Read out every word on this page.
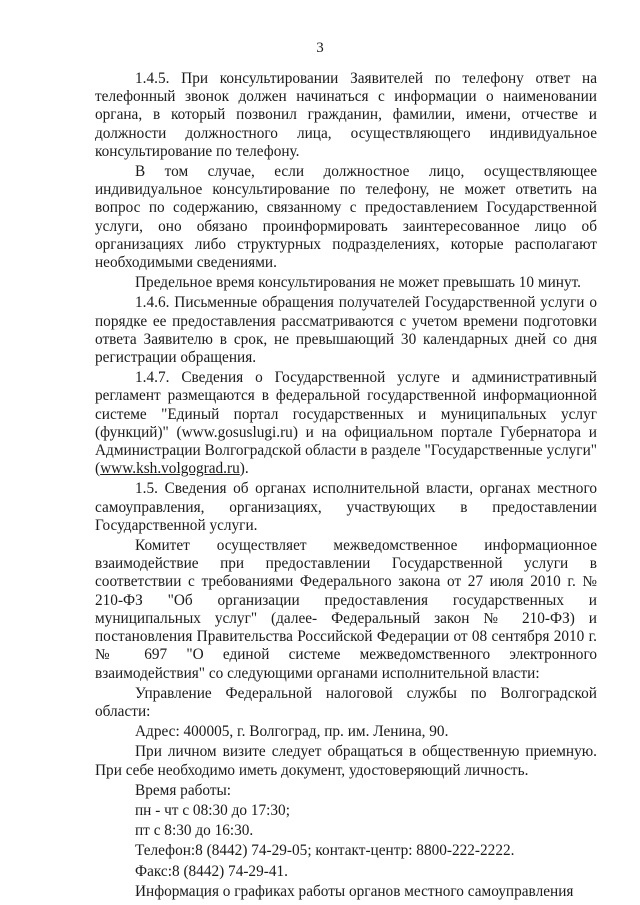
3

1.4.5. При консультировании Заявителей по телефону ответ на телефонный звонок должен начинаться с информации о наименовании органа, в который позвонил гражданин, фамилии, имени, отчестве и должности должностного лица, осуществляющего индивидуальное консультирование по телефону.

В том случае, если должностное лицо, осуществляющее индивидуальное консультирование по телефону, не может ответить на вопрос по содержанию, связанному с предоставлением Государственной услуги, оно обязано проинформировать заинтересованное лицо об организациях либо структурных подразделениях, которые располагают необходимыми сведениями.

Предельное время консультирования не может превышать 10 минут.

1.4.6. Письменные обращения получателей Государственной услуги о порядке ее предоставления рассматриваются с учетом времени подготовки ответа Заявителю в срок, не превышающий 30 календарных дней со дня регистрации обращения.

1.4.7. Сведения о Государственной услуге и административный регламент размещаются в федеральной государственной информационной системе "Единый портал государственных и муниципальных услуг (функций)" (www.gosuslugi.ru) и на официальном портале Губернатора и Администрации Волгоградской области в разделе "Государственные услуги" (www.ksh.volgograd.ru).

1.5. Сведения об органах исполнительной власти, органах местного самоуправления, организациях, участвующих в предоставлении Государственной услуги.

Комитет осуществляет межведомственное информационное взаимодействие при предоставлении Государственной услуги в соответствии с требованиями Федерального закона от 27 июля 2010 г. № 210-ФЗ "Об организации предоставления государственных и муниципальных услуг" (далее- Федеральный закон № 210-ФЗ) и постановления Правительства Российской Федерации от 08 сентября 2010 г. № 697 "О единой системе межведомственного электронного взаимодействия" со следующими органами исполнительной власти:

Управление Федеральной налоговой службы по Волгоградской области:

Адрес: 400005, г. Волгоград, пр. им. Ленина, 90.

При личном визите следует обращаться в общественную приемную. При себе необходимо иметь документ, удостоверяющий личность.

Время работы:

пн - чт с 08:30 до 17:30;

пт с 8:30 до 16:30.

Телефон:8 (8442) 74-29-05; контакт-центр: 8800-222-2222.

Факс:8 (8442) 74-29-41.

Информация о графиках работы органов местного самоуправления
